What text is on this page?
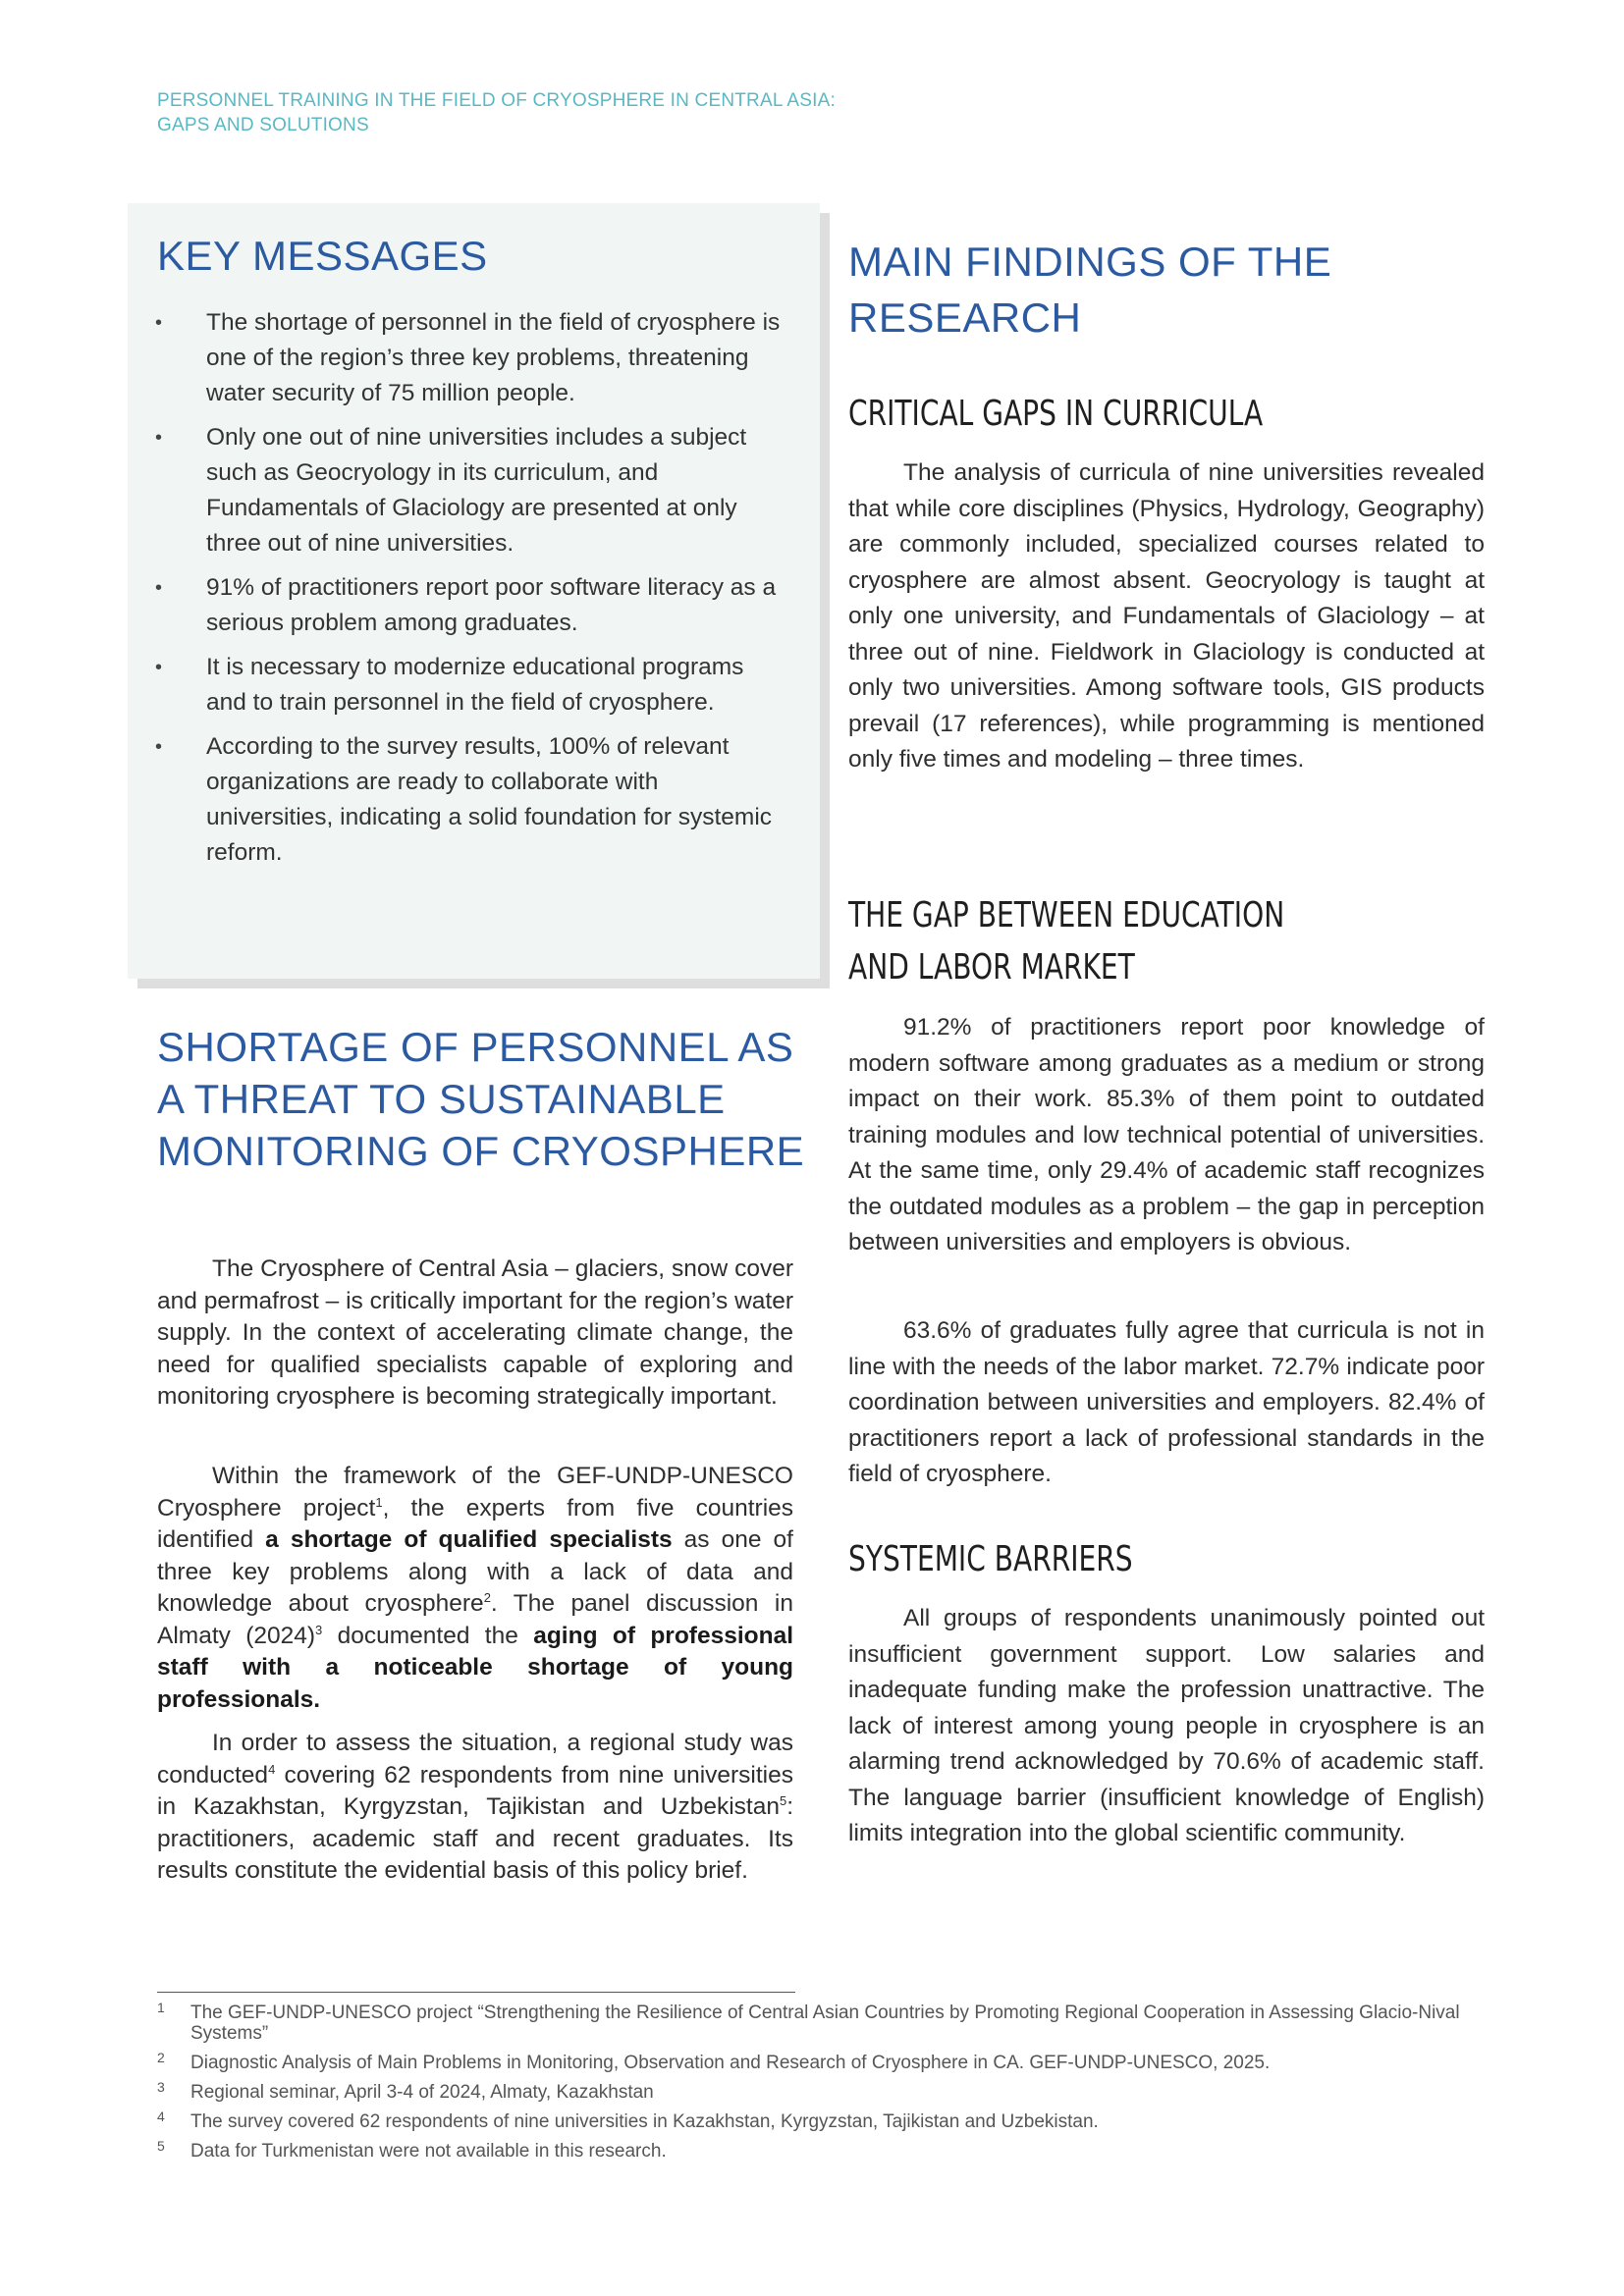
PERSONNEL TRAINING IN THE FIELD OF CRYOSPHERE IN CENTRAL ASIA:
GAPS AND SOLUTIONS
KEY MESSAGES
• The shortage of personnel in the field of cryosphere is one of the region’s three key problems, threatening water security of 75 million people.
• Only one out of nine universities includes a subject such as Geocryology in its curriculum, and Fundamentals of Glaciology are presented at only three out of nine universities.
• 91% of practitioners report poor software literacy as a serious problem among graduates.
• It is necessary to modernize educational programs and to train personnel in the field of cryosphere.
• According to the survey results, 100% of relevant organizations are ready to collaborate with universities, indicating a solid foundation for systemic reform.
SHORTAGE OF PERSONNEL AS A THREAT TO SUSTAINABLE MONITORING OF CRYOSPHERE

The Cryosphere of Central Asia – glaciers, snow cover and permafrost – is critically important for the region’s water supply. In the context of accelerating climate change, the need for qualified specialists capable of exploring and monitoring cryosphere is becoming strategically important.

Within the framework of the GEF-UNDP-UNESCO Cryosphere project$^1$, the experts from five countries identified a shortage of qualified specialists as one of three key problems along with a lack of data and knowledge about cryosphere$^2$. The panel discussion in Almaty $(2024)^3$ documented the aging of professional staff with a noticeable shortage of young professionals.

In order to assess the situation, a regional study was conducted$^4$ covering 62 respondents from nine universities in Kazakhstan, Kyrgyzstan, Tajikistan and Uzbekistan$^5$: practitioners, academic staff and recent graduates. Its results constitute the evidential basis of this policy brief.

MAIN FINDINGS OF THE RESEARCH
CRITICAL GAPS IN CURRICULA

The analysis of curricula of nine universities revealed that while core disciplines (Physics, Hydrology, Geography) are commonly included, specialized courses related to cryosphere are almost absent. Geocryology is taught at only one university, and Fundamentals of Glaciology – at three out of nine. Fieldwork in Glaciology is conducted at only two universities. Among software tools, GIS products prevail (17 references), while programming is mentioned only five times and modeling – three times.

THE GAP BETWEEN EDUCATION
AND LABOR MARKET

91.2% of practitioners report poor knowledge of modern software among graduates as a medium or strong impact on their work. 85.3% of them point to outdated training modules and low technical potential of universities. At the same time, only 29.4% of academic staff recognizes the outdated modules as a problem – the gap in perception between universities and employers is obvious.

63.6% of graduates fully agree that curricula is not in line with the needs of the labor market. 72.7% indicate poor coordination between universities and employers. 82.4% of practitioners report a lack of professional standards in the field of cryosphere.

SYSTEMIC BARRIERS

All groups of respondents unanimously pointed out insufficient government support. Low salaries and inadequate funding make the profession unattractive. The lack of interest among young people in cryosphere is an alarming trend acknowledged by 70.6% of academic staff. The language barrier (insufficient knowledge of English) limits integration into the global scientific community.

1 The GEF-UNDP-UNESCO project “Strengthening the Resilience of Central Asian Countries by Promoting Regional Cooperation in Assessing Glacio-Nival Systems”
2 Diagnostic Analysis of Main Problems in Monitoring, Observation and Research of Cryosphere in CA. GEF-UNDP-UNESCO, 2025.
3 Regional seminar, April 3-4 of 2024, Almaty, Kazakhstan
4 The survey covered 62 respondents of nine universities in Kazakhstan, Kyrgyzstan, Tajikistan and Uzbekistan.
5 Data for Turkmenistan were not available in this research.
